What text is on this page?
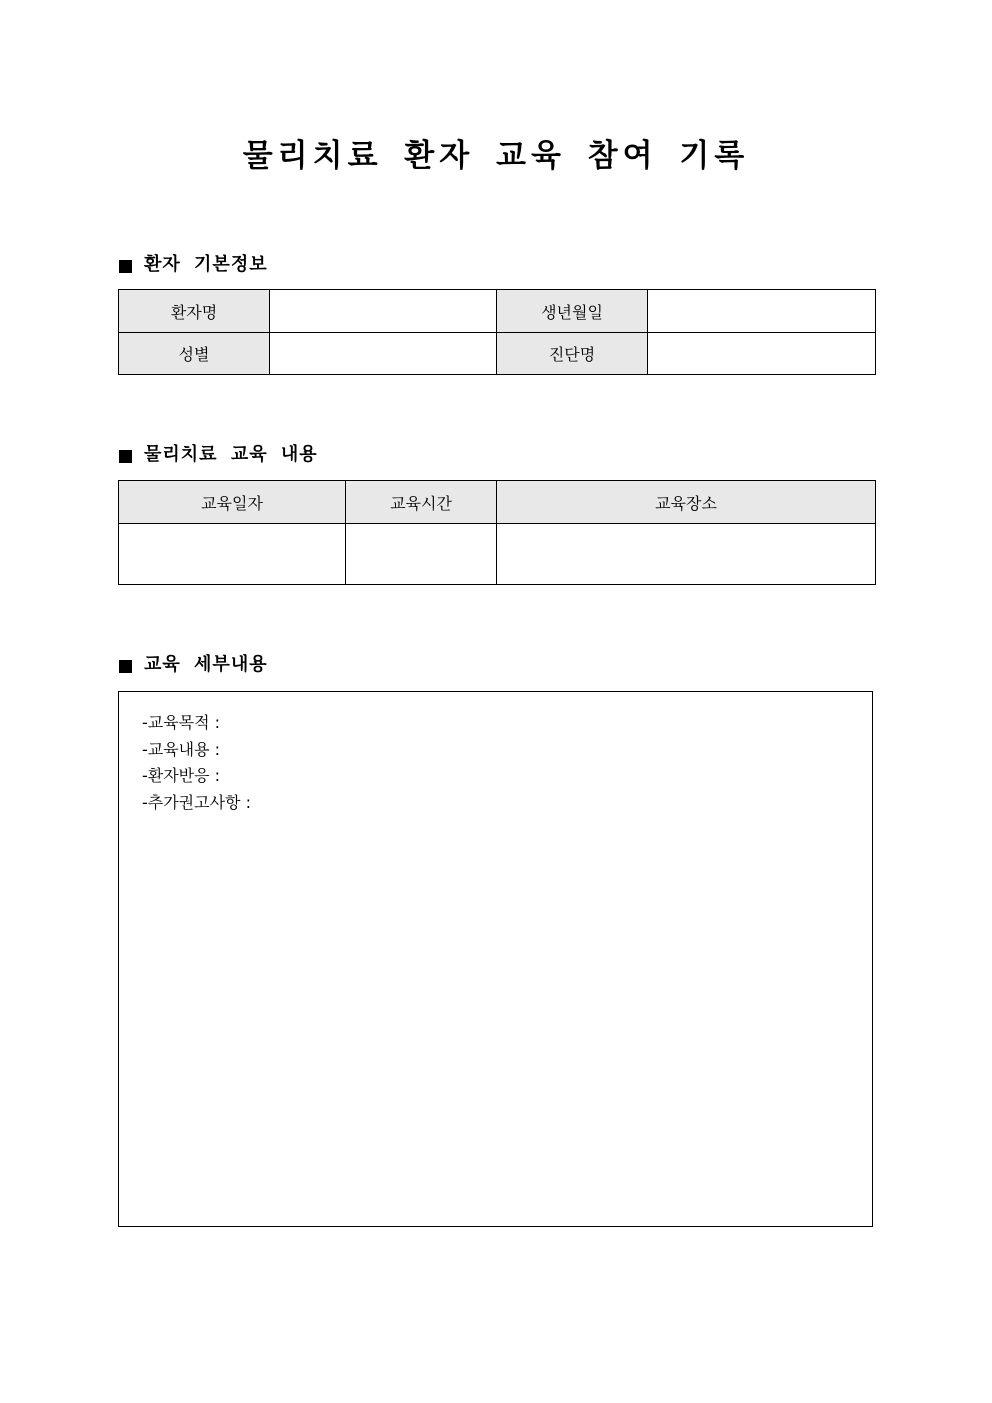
물리치료 환자 교육 참여 기록
환자 기본정보
환자명		생년월일	
성별		진단명	
물리치료 교육 내용
교육일자	교육시간	교육장소

교육 세부내용
-교육목적 :
-교육내용 :
-환자반응 :
-추가권고사항 :
